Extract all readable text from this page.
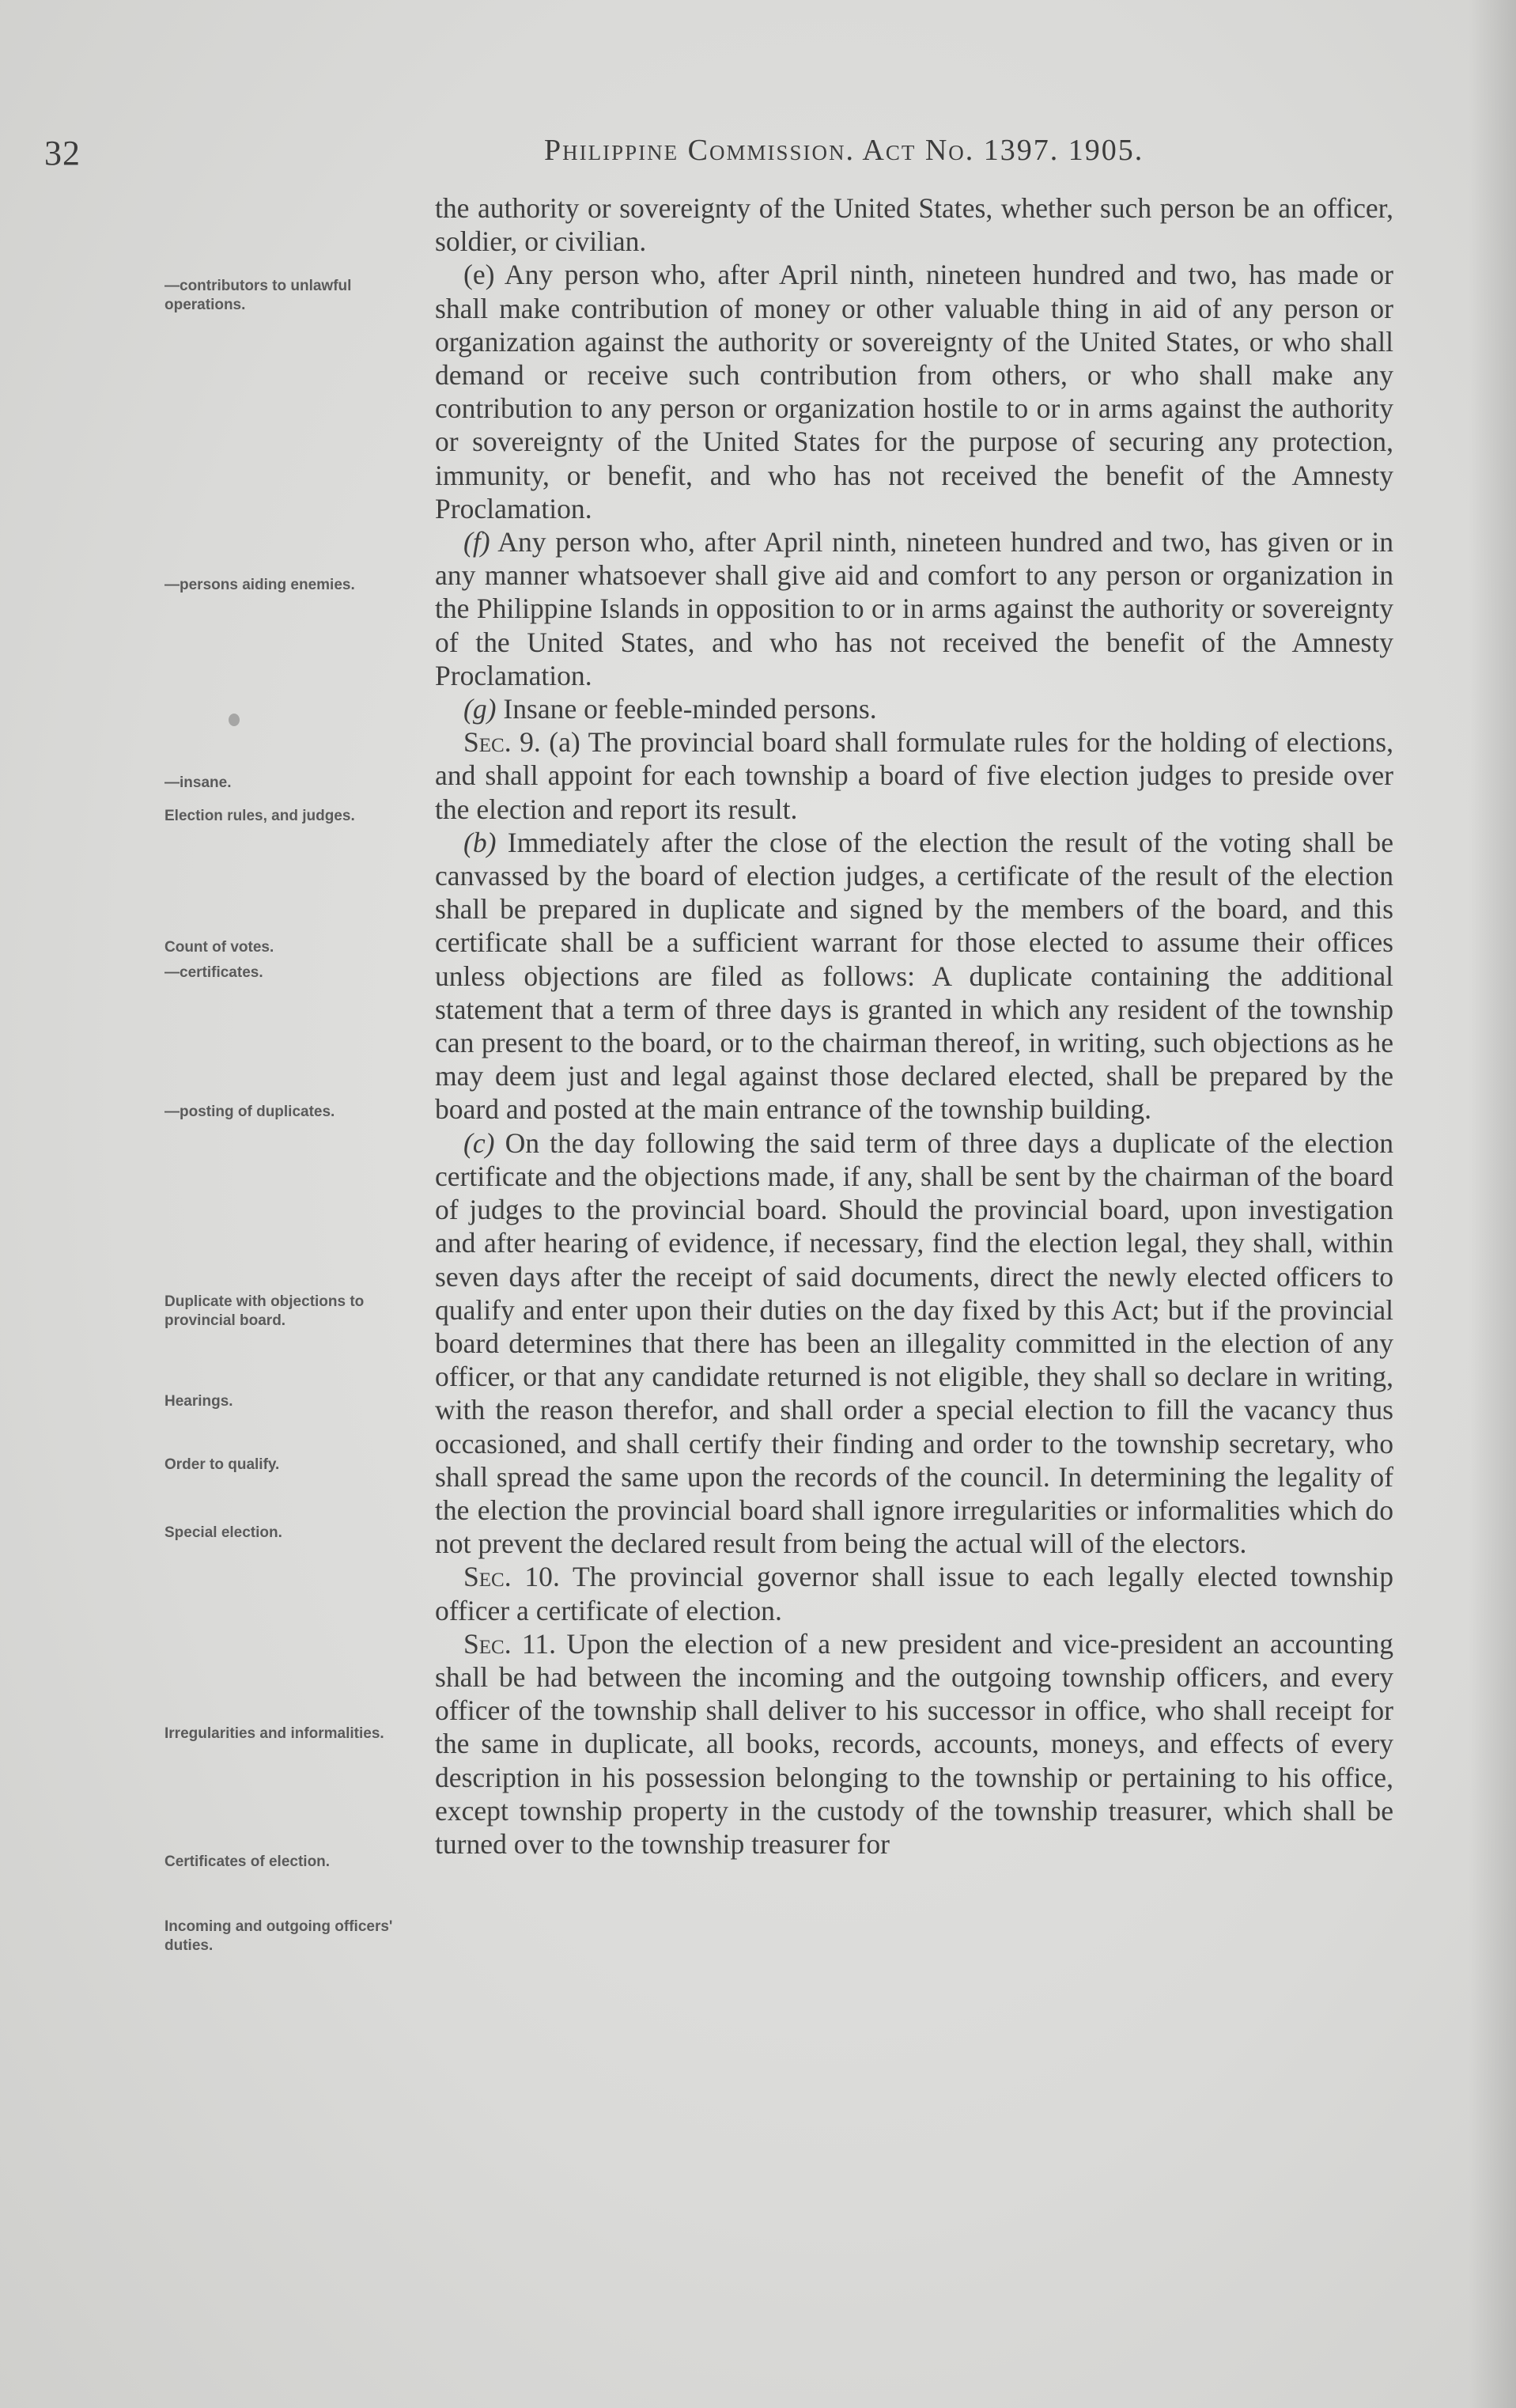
32	Philippine Commission. Act No. 1397. 1905.
—contributors to unlawful operations.
—persons aiding enemies.
—insane.
Election rules, and judges.
Count of votes.
—certificates.
—posting of duplicates.
Duplicate with objections to provincial board.
Hearings.
Order to qualify.
Special election.
Irregularities and informalities.
Certificates of election.
Incoming and outgoing officers' duties.

the authority or sovereignty of the United States, whether such person be an officer, soldier, or civilian.

(e) Any person who, after April ninth, nineteen hundred and two, has made or shall make contribution of money or other valuable thing in aid of any person or organization against the authority or sovereignty of the United States, or who shall demand or receive such contribution from others, or who shall make any contribution to any person or organization hostile to or in arms against the authority or sovereignty of the United States for the purpose of securing any protection, immunity, or benefit, and who has not received the benefit of the Amnesty Proclamation.

(f) Any person who, after April ninth, nineteen hundred and two, has given or in any manner whatsoever shall give aid and comfort to any person or organization in the Philippine Islands in opposition to or in arms against the authority or sovereignty of the United States, and who has not received the benefit of the Amnesty Proclamation.

(g) Insane or feeble-minded persons.

Sec. 9. (a) The provincial board shall formulate rules for the holding of elections, and shall appoint for each township a board of five election judges to preside over the election and report its result.

(b) Immediately after the close of the election the result of the voting shall be canvassed by the board of election judges, a certificate of the result of the election shall be prepared in duplicate and signed by the members of the board, and this certificate shall be a sufficient warrant for those elected to assume their offices unless objections are filed as follows: A duplicate containing the additional statement that a term of three days is granted in which any resident of the township can present to the board, or to the chairman thereof, in writing, such objections as he may deem just and legal against those declared elected, shall be prepared by the board and posted at the main entrance of the township building.

(c) On the day following the said term of three days a duplicate of the election certificate and the objections made, if any, shall be sent by the chairman of the board of judges to the provincial board. Should the provincial board, upon investigation and after hearing of evidence, if necessary, find the election legal, they shall, within seven days after the receipt of said documents, direct the newly elected officers to qualify and enter upon their duties on the day fixed by this Act; but if the provincial board determines that there has been an illegality committed in the election of any officer, or that any candidate returned is not eligible, they shall so declare in writing, with the reason therefor, and shall order a special election to fill the vacancy thus occasioned, and shall certify their finding and order to the township secretary, who shall spread the same upon the records of the council. In determining the legality of the election the provincial board shall ignore irregularities or informalities which do not prevent the declared result from being the actual will of the electors.

Sec. 10. The provincial governor shall issue to each legally elected township officer a certificate of election.

Sec. 11. Upon the election of a new president and vice-president an accounting shall be had between the incoming and the outgoing township officers, and every officer of the township shall deliver to his successor in office, who shall receipt for the same in duplicate, all books, records, accounts, moneys, and effects of every description in his possession belonging to the township or pertaining to his office, except township property in the custody of the township treasurer, which shall be turned over to the township treasurer for
